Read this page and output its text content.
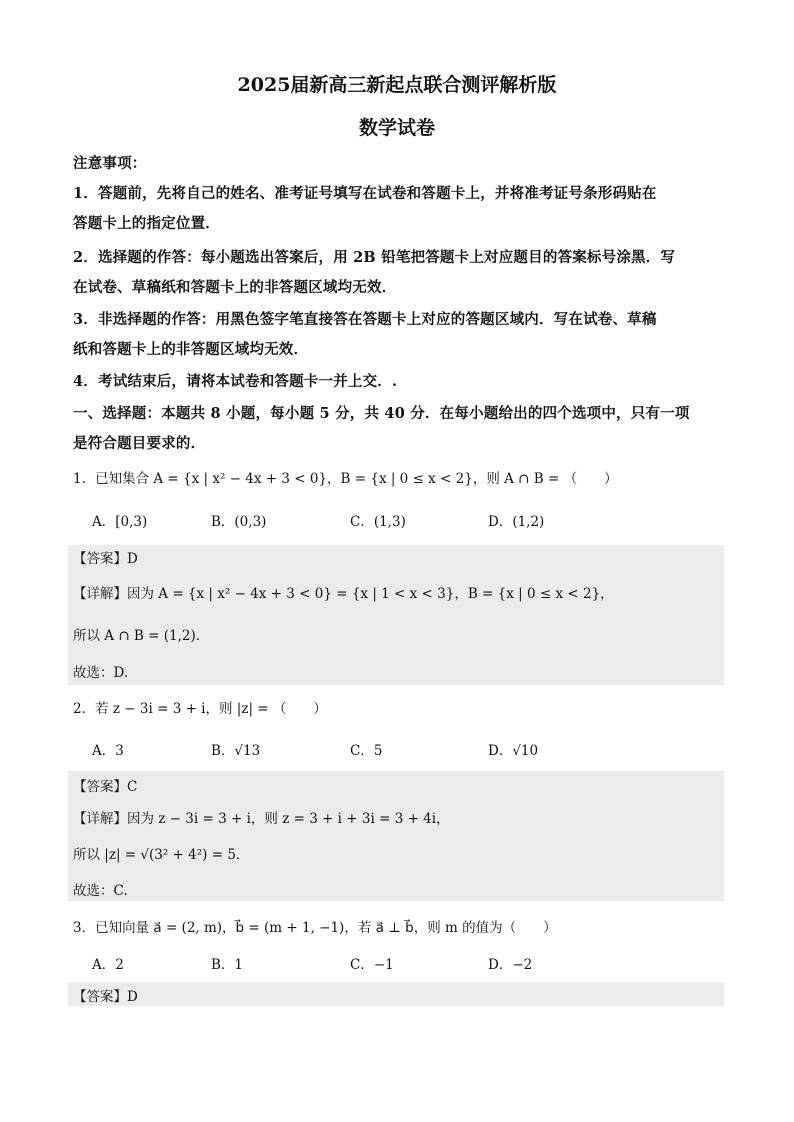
2025届新高三新起点联合测评解析版
数学试卷
注意事项：
1．答题前，先将自己的姓名、准考证号填写在试卷和答题卡上，并将准考证号条形码贴在
答题卡上的指定位置．
2．选择题的作答：每小题选出答案后，用 2B 铅笔把答题卡上对应题目的答案标号涂黑．写
在试卷、草稿纸和答题卡上的非答题区域均无效．
3．非选择题的作答：用黑色签字笔直接答在答题卡上对应的答题区域内．写在试卷、草稿
纸和答题卡上的非答题区域均无效．
4．考试结束后，请将本试卷和答题卡一并上交．.
一、选择题：本题共 8 小题，每小题 5 分，共 40 分．在每小题给出的四个选项中，只有一项
是符合题目要求的．
1．已知集合 A = {x | x² − 4x + 3 < 0}，B = {x | 0 ≤ x < 2}，则 A ∩ B = （　　）
A．[0,3)	B．(0,3)	C．(1,3)	D．(1,2)
【答案】D
【详解】因为 A = {x | x² − 4x + 3 < 0} = {x | 1 < x < 3}，B = {x | 0 ≤ x < 2}，
所以 A ∩ B = (1,2)．
故选：D.
2．若 z − 3i = 3 + i，则 |z| = （　　）
A．3	B．√13	C．5	D．√10
【答案】C
【详解】因为 z − 3i = 3 + i，则 z = 3 + i + 3i = 3 + 4i，
所以 |z| = √(3² + 4²) = 5．
故选：C.
3．已知向量 a⃗ = (2, m)，b⃗ = (m + 1, −1)，若 a⃗ ⊥ b⃗，则 m 的值为（　　）
A．2	B．1	C．−1	D．−2
【答案】D
